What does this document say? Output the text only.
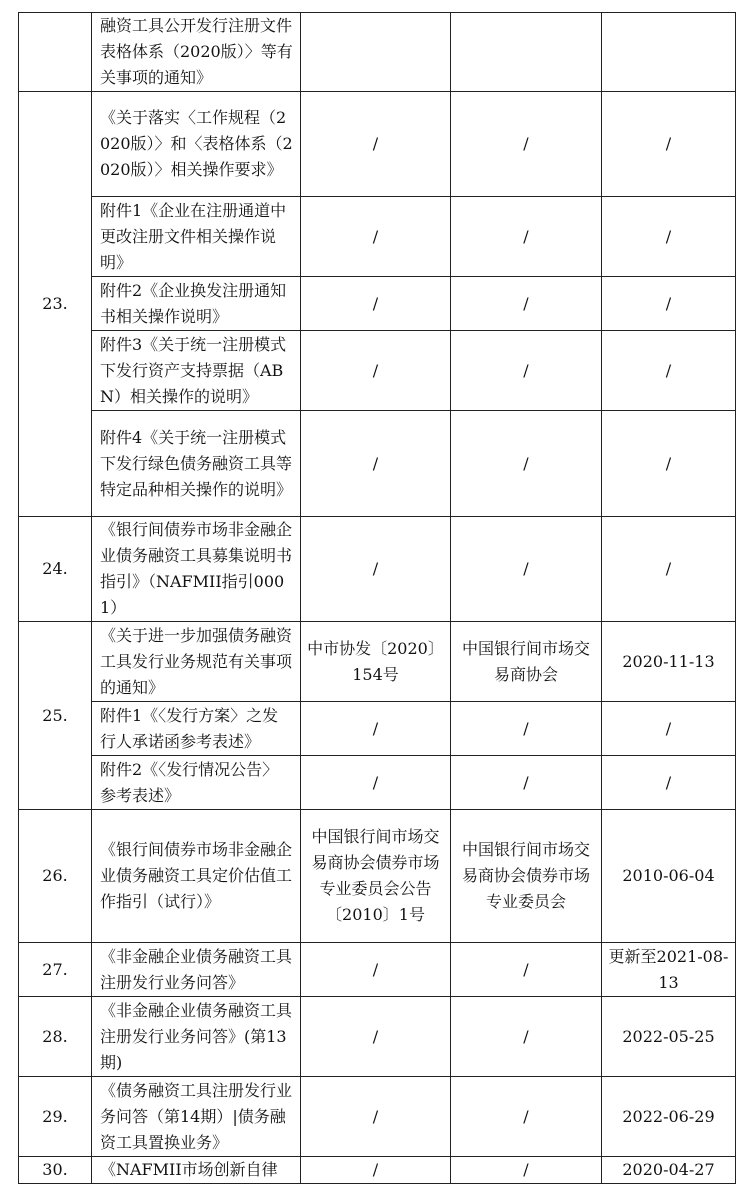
	融资工具公开发行注册文件表格体系（2020版）〉等有关事项的通知》			
23.	《关于落实〈工作规程（2020版）〉和〈表格体系（2020版）〉相关操作要求》	/	/	/
	附件1《企业在注册通道中更改注册文件相关操作说明》	/	/	/
	附件2《企业换发注册通知书相关操作说明》	/	/	/
	附件3《关于统一注册模式下发行资产支持票据（ABN）相关操作的说明》	/	/	/
	附件4《关于统一注册模式下发行绿色债务融资工具等特定品种相关操作的说明》	/	/	/
24.	《银行间债券市场非金融企业债务融资工具募集说明书指引》（NAFMII指引0001）	/	/	/
25.	《关于进一步加强债务融资工具发行业务规范有关事项的通知》	中市协发〔2020〕154号	中国银行间市场交易商协会	2020-11-13
	附件1《〈发行方案〉之发行人承诺函参考表述》	/	/	/
	附件2《〈发行情况公告〉参考表述》	/	/	/
26.	《银行间债券市场非金融企业债务融资工具定价估值工作指引（试行）》	中国银行间市场交易商协会债券市场专业委员会公告〔2010〕1号	中国银行间市场交易商协会债券市场专业委员会	2010-06-04
27.	《非金融企业债务融资工具注册发行业务问答》	/	/	更新至2021-08-13
28.	《非金融企业债务融资工具注册发行业务问答》(第13期)	/	/	2022-05-25
29.	《债务融资工具注册发行业务问答（第14期）|债务融资工具置换业务》	/	/	2022-06-29
30.	《NAFMII市场创新自律	/	/	2020-04-27
